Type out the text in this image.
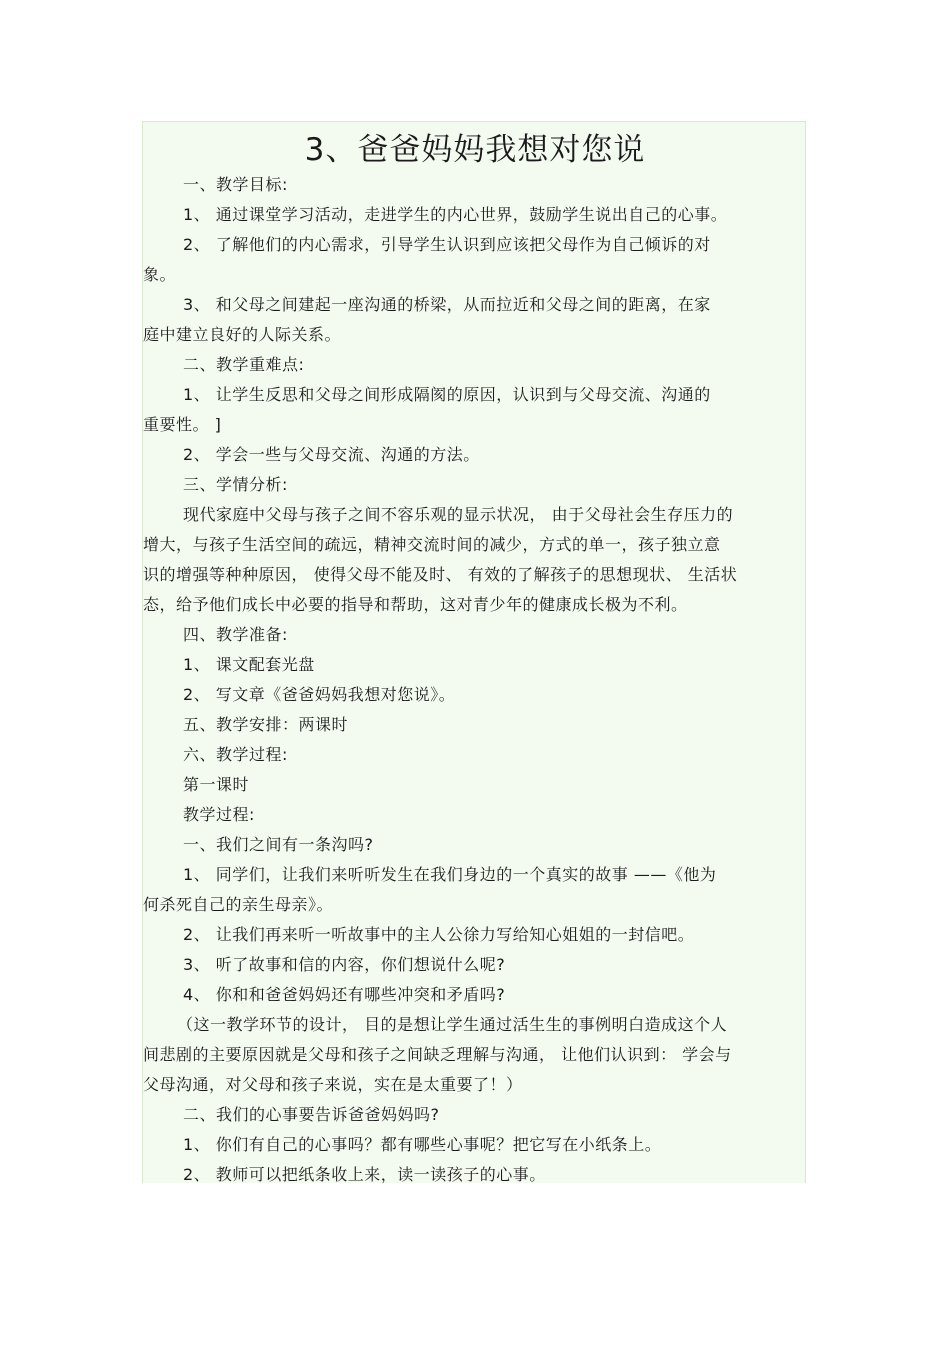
3、爸爸妈妈我想对您说
一、教学目标:
1、 通过课堂学习活动，走进学生的内心世界，鼓励学生说出自己的心事。
2、 了解他们的内心需求，引导学生认识到应该把父母作为自己倾诉的对
象。
3、 和父母之间建起一座沟通的桥梁，从而拉近和父母之间的距离，在家
庭中建立良好的人际关系。
二、教学重难点:
1、 让学生反思和父母之间形成隔阂的原因，认识到与父母交流、沟通的
重要性。 ]
2、 学会一些与父母交流、沟通的方法。
三、学情分析:
现代家庭中父母与孩子之间不容乐观的显示状况， 由于父母社会生存压力的
增大，与孩子生活空间的疏远，精神交流时间的减少，方式的单一，孩子独立意
识的增强等种种原因， 使得父母不能及时、 有效的了解孩子的思想现状、 生活状
态，给予他们成长中必要的指导和帮助，这对青少年的健康成长极为不利。
四、教学准备:
1、 课文配套光盘
2、 写文章《爸爸妈妈我想对您说》。
五、教学安排：两课时
六、教学过程:
第一课时
教学过程:
一、我们之间有一条沟吗?
1、 同学们，让我们来听听发生在我们身边的一个真实的故事 ——《他为
何杀死自己的亲生母亲》。
2、 让我们再来听一听故事中的主人公徐力写给知心姐姐的一封信吧。
3、 听了故事和信的内容，你们想说什么呢?
4、 你和和爸爸妈妈还有哪些冲突和矛盾吗?
（这一教学环节的设计， 目的是想让学生通过活生生的事例明白造成这个人
间悲剧的主要原因就是父母和孩子之间缺乏理解与沟通， 让他们认识到： 学会与
父母沟通，对父母和孩子来说，实在是太重要了！）
二、我们的心事要告诉爸爸妈妈吗?
1、 你们有自己的心事吗？都有哪些心事呢？把它写在小纸条上。
2、 教师可以把纸条收上来，读一读孩子的心事。
